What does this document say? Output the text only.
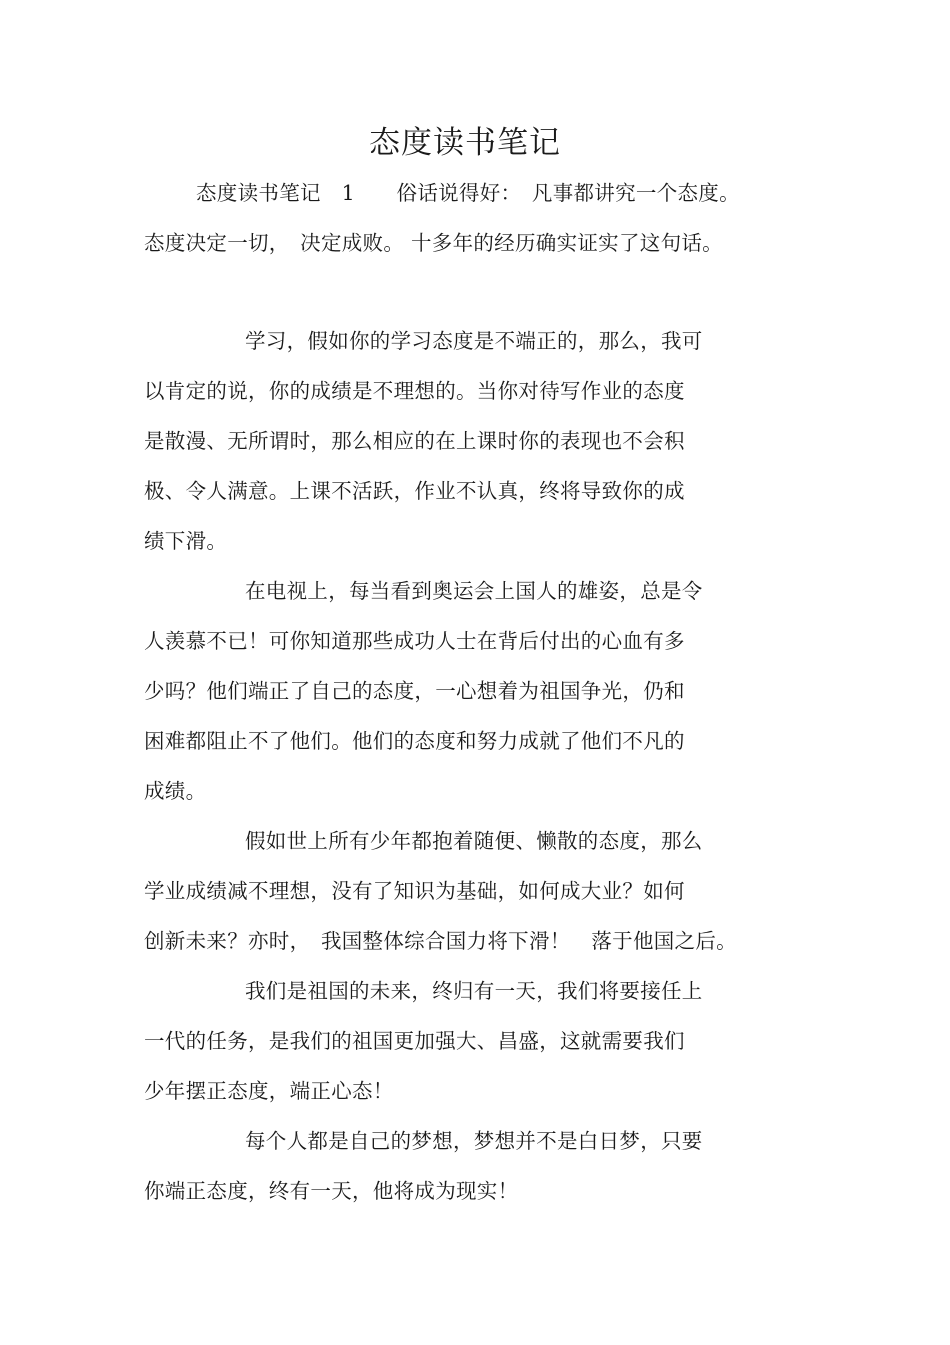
态度读书笔记
态度读书笔记　1　　俗话说得好：　凡事都讲究一个态度。
态度决定一切，　决定成败。 十多年的经历确实证实了这句话。
学习，假如你的学习态度是不端正的，那么，我可
以肯定的说，你的成绩是不理想的。当你对待写作业的态度
是散漫、无所谓时，那么相应的在上课时你的表现也不会积
极、令人满意。上课不活跃，作业不认真，终将导致你的成
绩下滑。
在电视上，每当看到奥运会上国人的雄姿，总是令
人羡慕不已！可你知道那些成功人士在背后付出的心血有多
少吗？他们端正了自己的态度，一心想着为祖国争光，仍和
困难都阻止不了他们。他们的态度和努力成就了他们不凡的
成绩。
假如世上所有少年都抱着随便、懒散的态度，那么
学业成绩减不理想，没有了知识为基础，如何成大业？如何
创新未来？亦时，　我国整体综合国力将下滑！　落于他国之后。
我们是祖国的未来，终归有一天，我们将要接任上
一代的任务，是我们的祖国更加强大、昌盛，这就需要我们
少年摆正态度，端正心态！
每个人都是自己的梦想，梦想并不是白日梦，只要
你端正态度，终有一天，他将成为现实！
